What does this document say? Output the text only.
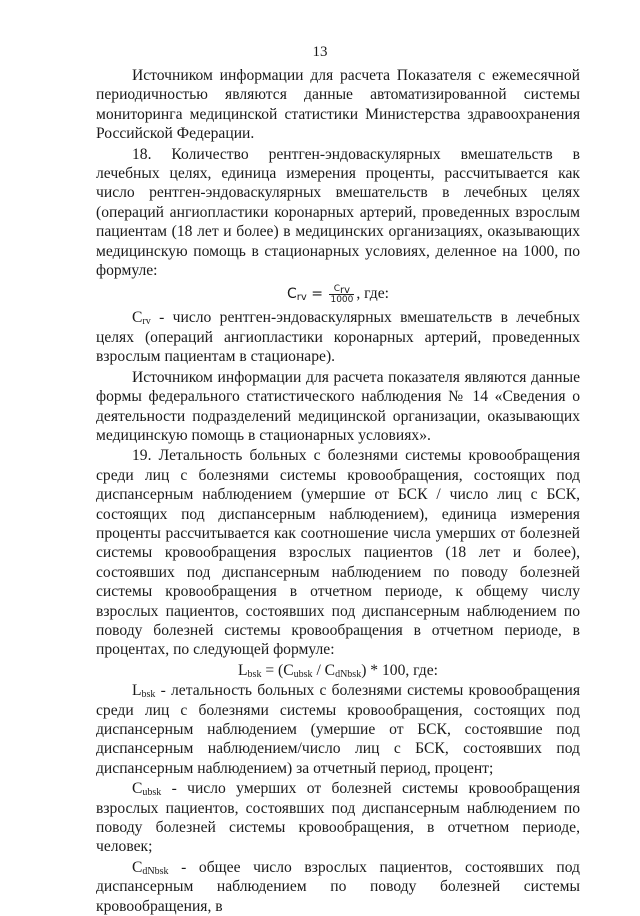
13

Источником информации для расчета Показателя с ежемесячной периодичностью являются данные автоматизированной системы мониторинга медицинской статистики Министерства здравоохранения Российской Федерации.

18. Количество рентген-эндоваскулярных вмешательств в лечебных целях, единица измерения проценты, рассчитывается как число рентген-эндоваскулярных вмешательств в лечебных целях (операций ангиопластики коронарных артерий, проведенных взрослым пациентам (18 лет и более) в медицинских организациях, оказывающих медицинскую помощь в стационарных условиях, деленное на 1000, по формуле:

$C_{rv} = \frac{C_{rv}}{1000}$ , где:

$C_{rv}$ - число рентген-эндоваскулярных вмешательств в лечебных целях (операций ангиопластики коронарных артерий, проведенных взрослым пациентам в стационаре).

Источником информации для расчета показателя являются данные формы федерального статистического наблюдения № 14 «Сведения о деятельности подразделений медицинской организации, оказывающих медицинскую помощь в стационарных условиях».

19. Летальность больных с болезнями системы кровообращения среди лиц с болезнями системы кровообращения, состоящих под диспансерным наблюдением (умершие от БСК / число лиц с БСК, состоящих под диспансерным наблюдением), единица измерения проценты рассчитывается как соотношение числа умерших от болезней системы кровообращения взрослых пациентов (18 лет и более), состоявших под диспансерным наблюдением по поводу болезней системы кровообращения в отчетном периоде, к общему числу взрослых пациентов, состоявших под диспансерным наблюдением по поводу болезней системы кровообращения в отчетном периоде, в процентах, по следующей формуле:

$L_{bsk} = (C_{ubsk} / C_{dNbsk}) * 100$, где:

$L_{bsk}$ - летальность больных с болезнями системы кровообращения среди лиц с болезнями системы кровообращения, состоящих под диспансерным наблюдением (умершие от БСК, состоявшие под диспансерным наблюдением/число лиц с БСК, состоявших под диспансерным наблюдением) за отчетный период, процент;

$C_{ubsk}$ - число умерших от болезней системы кровообращения взрослых пациентов, состоявших под диспансерным наблюдением по поводу болезней системы кровообращения, в отчетном периоде, человек;

$C_{dNbsk}$ - общее число взрослых пациентов, состоявших под диспансерным наблюдением по поводу болезней системы кровообращения, в
